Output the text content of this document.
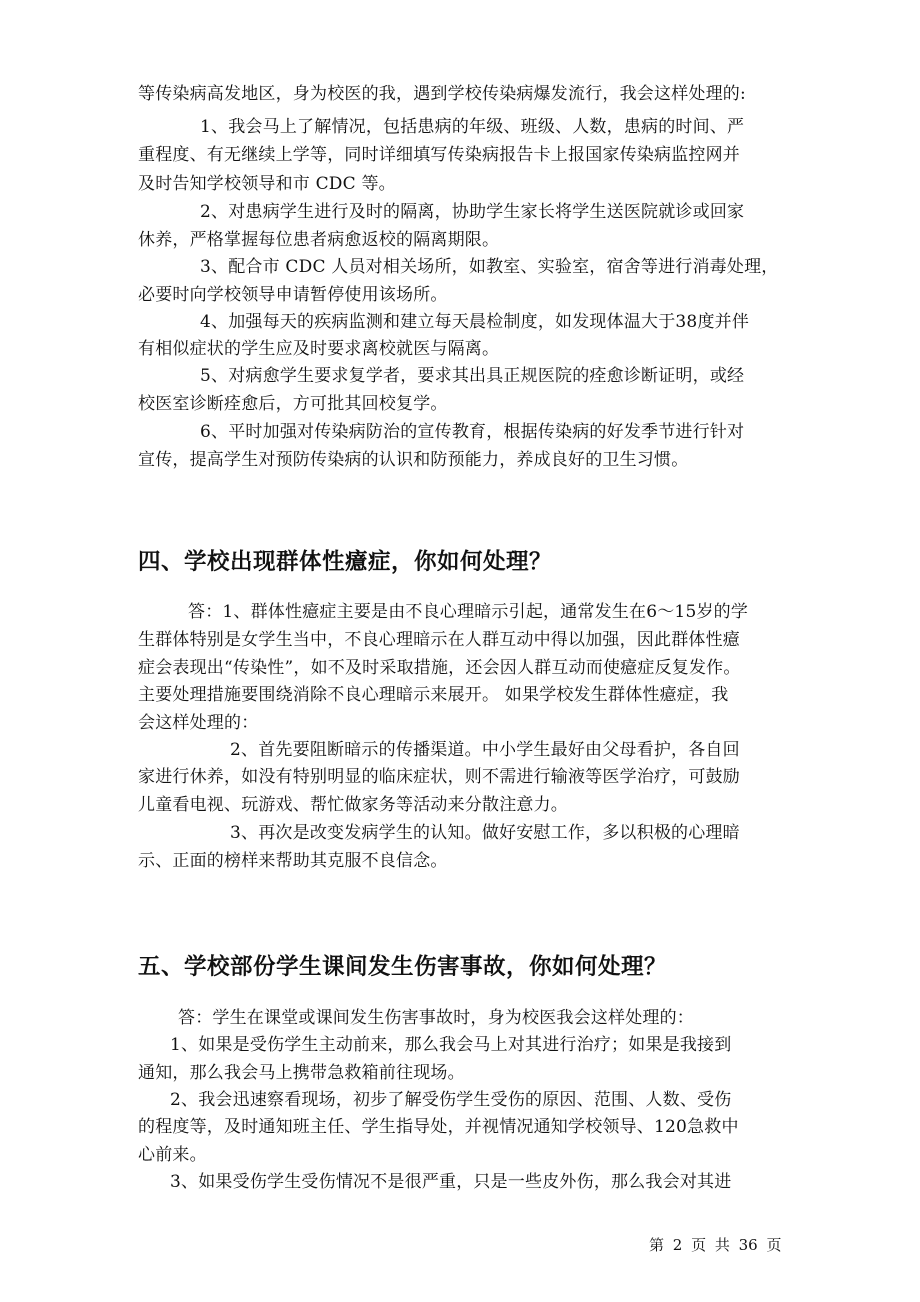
等传染病高发地区，身为校医的我，遇到学校传染病爆发流行，我会这样处理的:
1、我会马上了解情况，包括患病的年级、班级、人数，患病的时间、严
重程度、有无继续上学等，同时详细填写传染病报告卡上报国家传染病监控网并
及时告知学校领导和市 CDC 等。
2、对患病学生进行及时的隔离，协助学生家长将学生送医院就诊或回家
休养，严格掌握每位患者病愈返校的隔离期限。
3、配合市 CDC 人员对相关场所，如教室、实验室，宿舍等进行消毒处理，
必要时向学校领导申请暂停使用该场所。
4、加强每天的疾病监测和建立每天晨检制度，如发现体温大于38度并伴
有相似症状的学生应及时要求离校就医与隔离。
5、对病愈学生要求复学者，要求其出具正规医院的痊愈诊断证明，或经
校医室诊断痊愈后，方可批其回校复学。
6、平时加强对传染病防治的宣传教育，根据传染病的好发季节进行针对
宣传，提高学生对预防传染病的认识和防预能力，养成良好的卫生习惯。
四、学校出现群体性癔症，你如何处理？
答：1、群体性癔症主要是由不良心理暗示引起，通常发生在6～15岁的学
生群体特别是女学生当中，不良心理暗示在人群互动中得以加强，因此群体性癔
症会表现出“传染性”，如不及时采取措施，还会因人群互动而使癔症反复发作。
主要处理措施要围绕消除不良心理暗示来展开。 如果学校发生群体性癔症，我
会这样处理的：
2、首先要阻断暗示的传播渠道。中小学生最好由父母看护，各自回
家进行休养，如没有特别明显的临床症状，则不需进行输液等医学治疗，可鼓励
儿童看电视、玩游戏、帮忙做家务等活动来分散注意力。
3、再次是改变发病学生的认知。做好安慰工作，多以积极的心理暗
示、正面的榜样来帮助其克服不良信念。
五、学校部份学生课间发生伤害事故，你如何处理？
答：学生在课堂或课间发生伤害事故时，身为校医我会这样处理的：
1、如果是受伤学生主动前来，那么我会马上对其进行治疗；如果是我接到
通知，那么我会马上携带急救箱前往现场。
2、我会迅速察看现场，初步了解受伤学生受伤的原因、范围、人数、受伤
的程度等，及时通知班主任、学生指导处，并视情况通知学校领导、120急救中
心前来。
3、如果受伤学生受伤情况不是很严重，只是一些皮外伤，那么我会对其进
第 2 页 共 36 页
